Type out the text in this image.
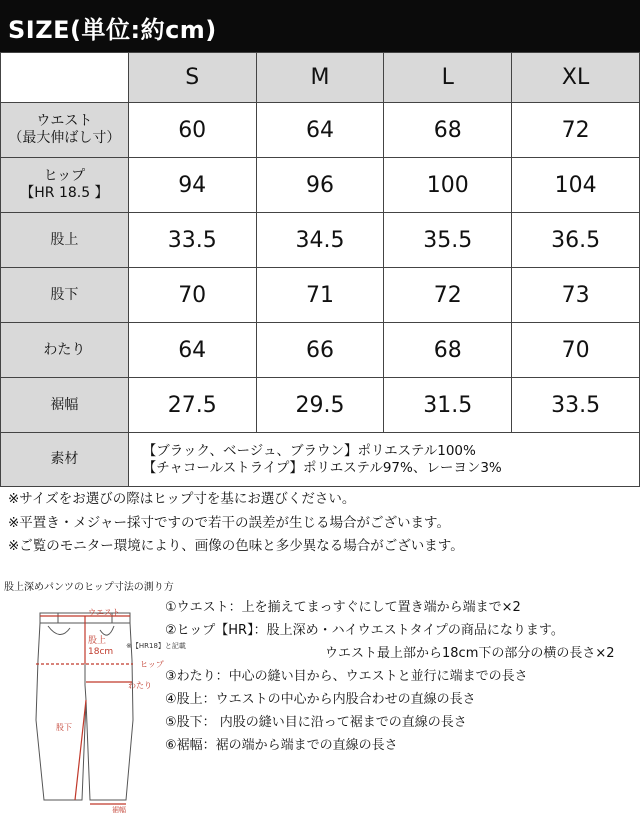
SIZE(単位:約cm)
	S	M	L	XL

ウエスト
（最大伸ばし寸）	60	64	68	72

ヒップ
【HR 18.5 】	94	96	100	104
股上	33.5	34.5	35.5	36.5
股下	70	71	72	73
わたり	64	66	68	70
裾幅	27.5	29.5	31.5	33.5
素材	【ブラック、ベージュ、ブラウン】ポリエステル100%
【チャコールストライプ】ポリエステル97%、レーヨン3%			
※サイズをお選びの際はヒップ寸を基にお選びください。
※平置き・メジャー採寸ですので若干の誤差が生じる場合がございます。
※ご覧のモニター環境により、画像の色味と多少異なる場合がございます。
股上深めパンツのヒップ寸法の測り方
ウエスト
股上
18cm
※【HR18】と記載
ヒップ
わたり
股下
裾幅
①ウエスト：上を揃えてまっすぐにして置き端から端まで×2
②ヒップ【HR】：股上深め・ハイウエストタイプの商品になります。
ウエスト最上部から18cm下の部分の横の長さ×2
③わたり：中心の縫い目から、ウエストと並行に端までの長さ
④股上：ウエストの中心から内股合わせの直線の長さ
⑤股下： 内股の縫い目に沿って裾までの直線の長さ
⑥裾幅：裾の端から端までの直線の長さ
